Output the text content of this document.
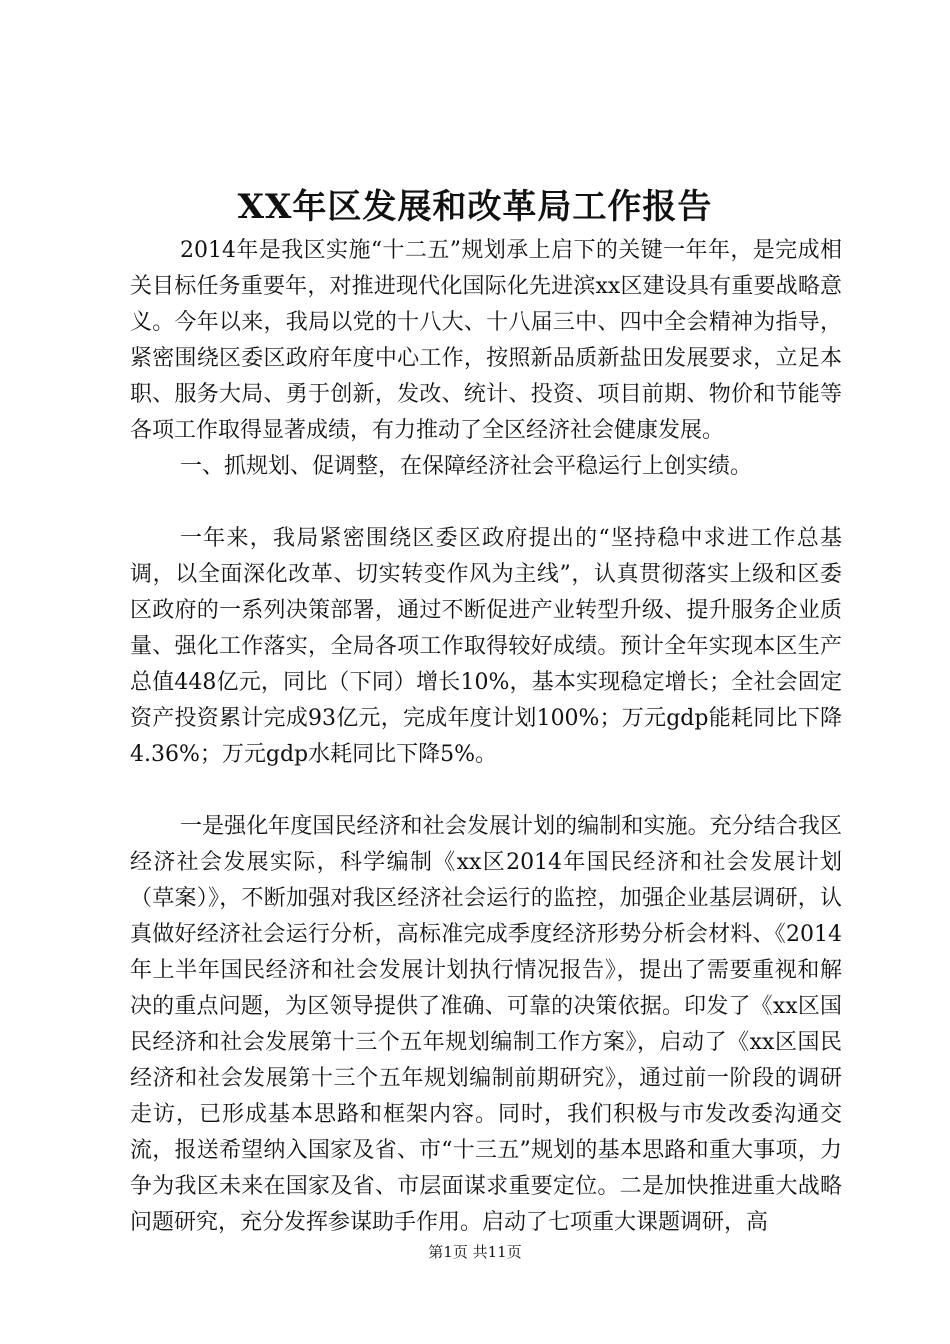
XX年区发展和改革局工作报告

2014年是我区实施“十二五”规划承上启下的关键一年年，是完成相关目标任务重要年，对推进现代化国际化先进滨xx区建设具有重要战略意义。今年以来，我局以党的十八大、十八届三中、四中全会精神为指导，紧密围绕区委区政府年度中心工作，按照新品质新盐田发展要求，立足本职、服务大局、勇于创新，发改、统计、投资、项目前期、物价和节能等各项工作取得显著成绩，有力推动了全区经济社会健康发展。

一、抓规划、促调整，在保障经济社会平稳运行上创实绩。

一年来，我局紧密围绕区委区政府提出的“坚持稳中求进工作总基调，以全面深化改革、切实转变作风为主线”，认真贯彻落实上级和区委区政府的一系列决策部署，通过不断促进产业转型升级、提升服务企业质量、强化工作落实，全局各项工作取得较好成绩。预计全年实现本区生产总值448亿元，同比（下同）增长10%，基本实现稳定增长；全社会固定资产投资累计完成93亿元，完成年度计划100%；万元gdp能耗同比下降4.36%；万元gdp水耗同比下降5%。

一是强化年度国民经济和社会发展计划的编制和实施。充分结合我区经济社会发展实际，科学编制《xx区2014年国民经济和社会发展计划（草案）》，不断加强对我区经济社会运行的监控，加强企业基层调研，认真做好经济社会运行分析，高标准完成季度经济形势分析会材料、《2014年上半年国民经济和社会发展计划执行情况报告》，提出了需要重视和解决的重点问题，为区领导提供了准确、可靠的决策依据。印发了《xx区国民经济和社会发展第十三个五年规划编制工作方案》，启动了《xx区国民经济和社会发展第十三个五年规划编制前期研究》，通过前一阶段的调研走访，已形成基本思路和框架内容。同时，我们积极与市发改委沟通交流，报送希望纳入国家及省、市“十三五”规划的基本思路和重大事项，力争为我区未来在国家及省、市层面谋求重要定位。二是加快推进重大战略问题研究，充分发挥参谋助手作用。启动了七项重大课题调研，高

第1页 共11页
